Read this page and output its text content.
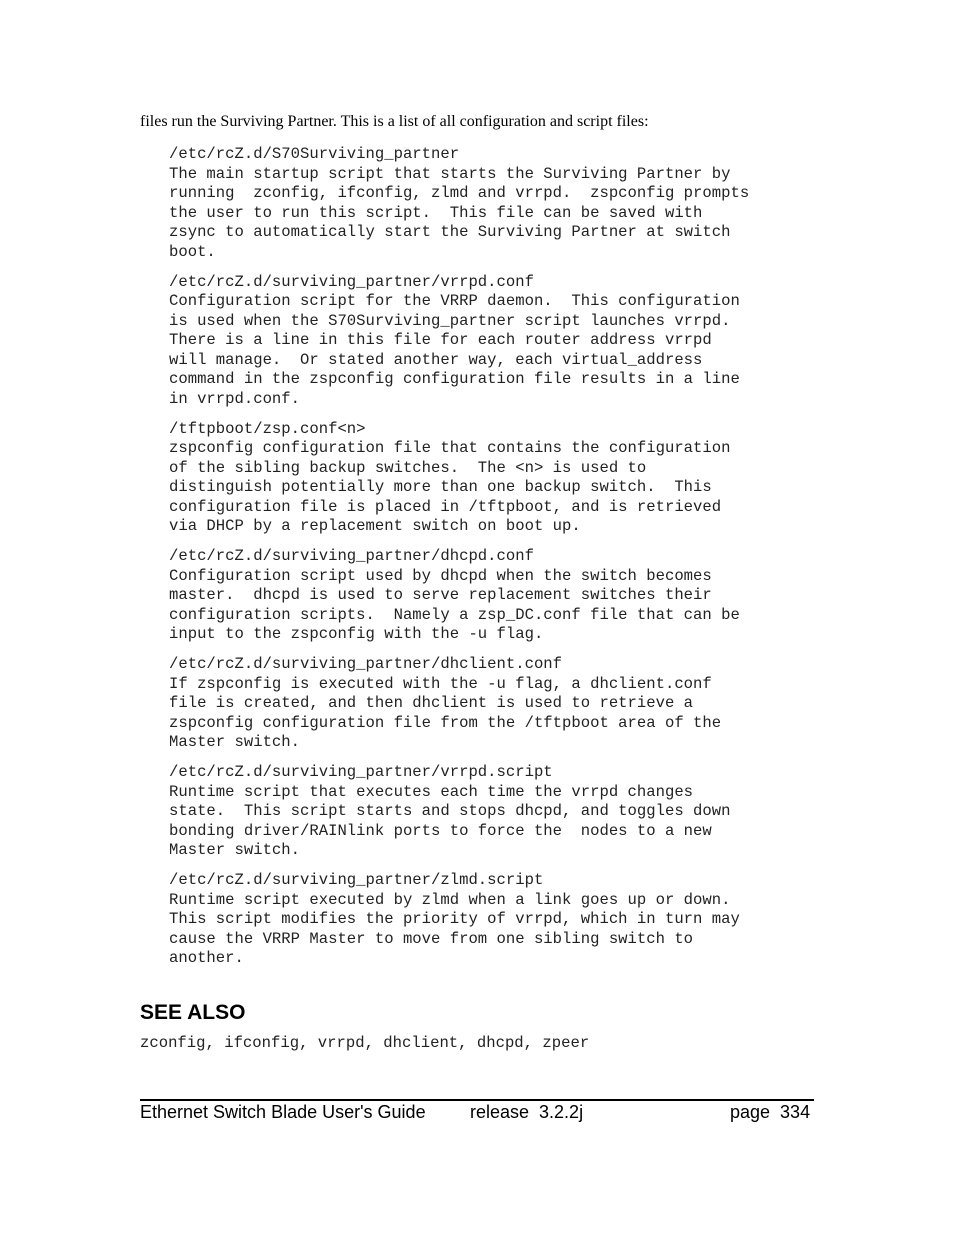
files run the Surviving Partner. This is a list of all configuration and script files:
/etc/rcZ.d/S70Surviving_partner
The main startup script that starts the Surviving Partner by
running  zconfig, ifconfig, zlmd and vrrpd.  zspconfig prompts
the user to run this script.  This file can be saved with
zsync to automatically start the Surviving Partner at switch
boot.
/etc/rcZ.d/surviving_partner/vrrpd.conf
Configuration script for the VRRP daemon.  This configuration
is used when the S70Surviving_partner script launches vrrpd.
There is a line in this file for each router address vrrpd
will manage.  Or stated another way, each virtual_address
command in the zspconfig configuration file results in a line
in vrrpd.conf.
/tftpboot/zsp.conf<n>
zspconfig configuration file that contains the configuration
of the sibling backup switches.  The <n> is used to
distinguish potentially more than one backup switch.  This
configuration file is placed in /tftpboot, and is retrieved
via DHCP by a replacement switch on boot up.
/etc/rcZ.d/surviving_partner/dhcpd.conf
Configuration script used by dhcpd when the switch becomes
master.  dhcpd is used to serve replacement switches their
configuration scripts.  Namely a zsp_DC.conf file that can be
input to the zspconfig with the -u flag.
/etc/rcZ.d/surviving_partner/dhclient.conf
If zspconfig is executed with the -u flag, a dhclient.conf
file is created, and then dhclient is used to retrieve a
zspconfig configuration file from the /tftpboot area of the
Master switch.
/etc/rcZ.d/surviving_partner/vrrpd.script
Runtime script that executes each time the vrrpd changes
state.  This script starts and stops dhcpd, and toggles down
bonding driver/RAINlink ports to force the  nodes to a new
Master switch.
/etc/rcZ.d/surviving_partner/zlmd.script
Runtime script executed by zlmd when a link goes up or down.
This script modifies the priority of vrrpd, which in turn may
cause the VRRP Master to move from one sibling switch to
another.
SEE ALSO
zconfig, ifconfig, vrrpd, dhclient, dhcpd, zpeer
Ethernet Switch Blade User's Guide release  3.2.2j	page  334
